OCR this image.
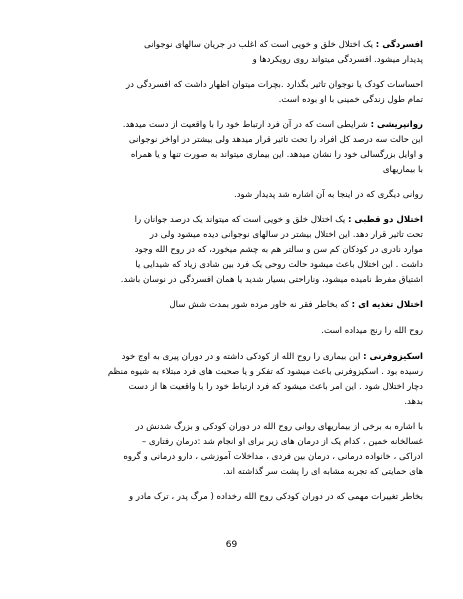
افسردگی : یک اختلال خلق و خویی است که اغلب در جریان سالهای نوجوانی
پدیدار میشود. افسردگی میتواند روی رویکردها و
احساسات کودک یا نوجوان تاثیر بگذارد .بچرات میتوان اظهار داشت که افسردگی در
تمام طول زندگی خمینی با او بوده است.
روانپریشی : شرایطی است که در آن فرد ارتباط خود را با واقعیت از دست میدهد.
این حالت سه درصد کل افراد را تحت تاثیر قرار میدهد ولی بیشتر در اواخر نوجوانی
و اوایل بزرگسالی خود را نشان میدهد. این بیماری میتواند به صورت تنها و یا همراه
با بیماریهای
روانی دیگری که در اینجا به آن اشاره شد پدیدار شود.
اختلال دو قطبی : یک اختلال خلق و خویی است که میتواند یک درصد جوانان را
تحت تاثیر قرار دهد. این اختلال بیشتر در سالهای نوجوانی دیده میشود ولی در
موارد نادری در کودکان کم سن و سالتر هم به چشم میخورد، که در روح الله وجود
داشت . این اختلال باعث میشود حالت روحی یک فرد بین شادی زیاد که شیدایی یا
اشتیاق مفرط نامیده میشود، وناراحتی بسیار شدید یا همان افسردگی در نوسان باشد.
اختلال تغذیه ای : که بخاطر فقر نه خاور مرده شور بمدت شش سال
روح الله را رنج میداده است.
اسکیزوفرنی : این بیماری را روح الله از کودکی داشته و در دوران پیری به اوج خود
رسیده بود . اسکیزوفرنی باعث میشود که تفکر و یا صحبت های فرد مبتلاء به شیوه منظم
دچار اختلال شود . این امر باعث میشود که فرد ارتباط خود را با واقعیت ها از دست
بدهد.
با اشاره به برخی از بیماریهای روانی روح الله در دوران کودکی و بزرگ شدنش در
غسالخانه خمین ، کدام یک از درمان های زیر برای او انجام شد :درمان رفتاری –
ادراکی ، خانواده درمانی ، درمان بین فردی ، مداخلات آموزشی ، دارو درمانی و گروه
های حمایتی که تجربه مشابه ای را پشت سر گذاشته اند.
بخاطر تغییرات مهمی که در دوران کودکی روح الله رخداده ( مرگ پدر ، ترک مادر و
69
